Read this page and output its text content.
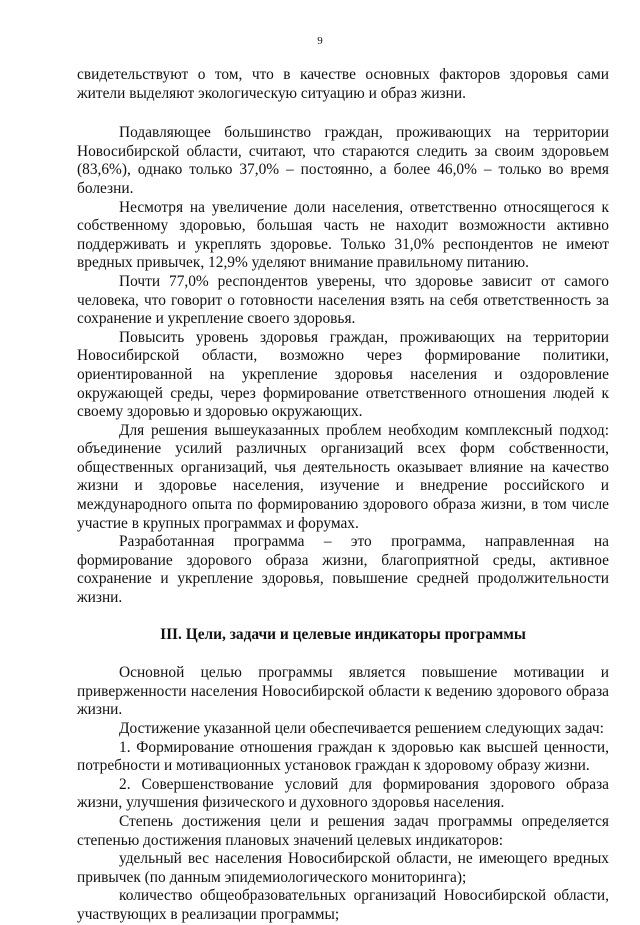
9

свидетельствуют о том, что в качестве основных факторов здоровья сами жители выделяют экологическую ситуацию и образ жизни.

Подавляющее большинство граждан, проживающих на территории Новосибирской области, считают, что стараются следить за своим здоровьем (83,6%), однако только 37,0% – постоянно, а более 46,0% – только во время болезни.

Несмотря на увеличение доли населения, ответственно относящегося к собственному здоровью, большая часть не находит возможности активно поддерживать и укреплять здоровье. Только 31,0% респондентов не имеют вредных привычек, 12,9% уделяют внимание правильному питанию.

Почти 77,0% респондентов уверены, что здоровье зависит от самого человека, что говорит о готовности населения взять на себя ответственность за сохранение и укрепление своего здоровья.

Повысить уровень здоровья граждан, проживающих на территории Новосибирской области, возможно через формирование политики, ориентированной на укрепление здоровья населения и оздоровление окружающей среды, через формирование ответственного отношения людей к своему здоровью и здоровью окружающих.

Для решения вышеуказанных проблем необходим комплексный подход: объединение усилий различных организаций всех форм собственности, общественных организаций, чья деятельность оказывает влияние на качество жизни и здоровье населения, изучение и внедрение российского и международного опыта по формированию здорового образа жизни, в том числе участие в крупных программах и форумах.

Разработанная программа – это программа, направленная на формирование здорового образа жизни, благоприятной среды, активное сохранение и укрепление здоровья, повышение средней продолжительности жизни.

III. Цели, задачи и целевые индикаторы программы

Основной целью программы является повышение мотивации и приверженности населения Новосибирской области к ведению здорового образа жизни.

Достижение указанной цели обеспечивается решением следующих задач:

1. Формирование отношения граждан к здоровью как высшей ценности, потребности и мотивационных установок граждан к здоровому образу жизни.

2. Совершенствование условий для формирования здорового образа жизни, улучшения физического и духовного здоровья населения.

Степень достижения цели и решения задач программы определяется степенью достижения плановых значений целевых индикаторов:

удельный вес населения Новосибирской области, не имеющего вредных привычек (по данным эпидемиологического мониторинга);

количество общеобразовательных организаций Новосибирской области, участвующих в реализации программы;
